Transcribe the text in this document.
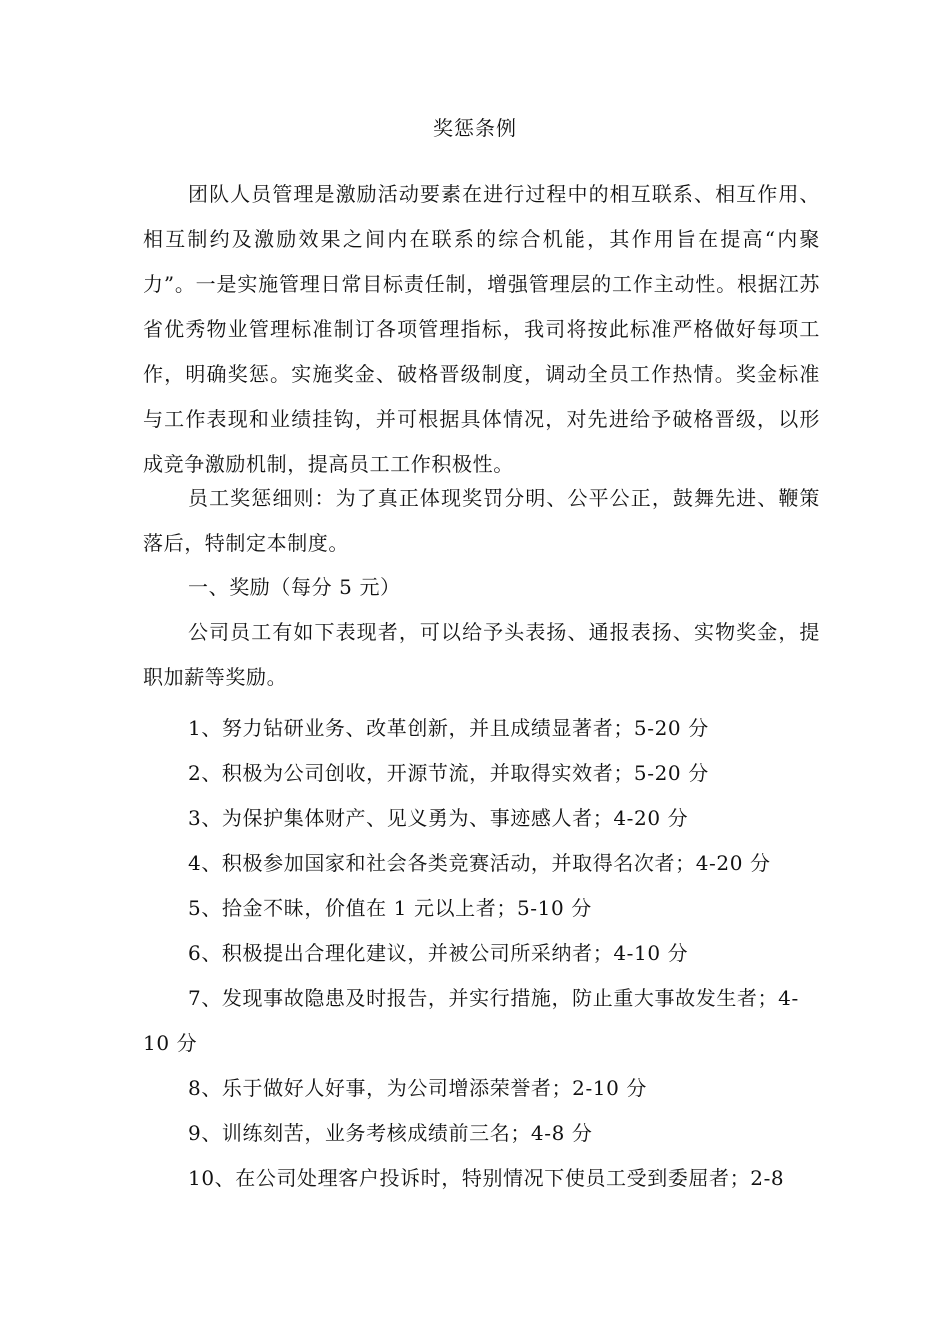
奖惩条例
团队人员管理是激励活动要素在进行过程中的相互联系、相互作用、相互制约及激励效果之间内在联系的综合机能，其作用旨在提高“内聚力”。一是实施管理日常目标责任制，增强管理层的工作主动性。根据江苏省优秀物业管理标准制订各项管理指标，我司将按此标准严格做好每项工作，明确奖惩。实施奖金、破格晋级制度，调动全员工作热情。奖金标准与工作表现和业绩挂钩，并可根据具体情况，对先进给予破格晋级，以形成竞争激励机制，提高员工工作积极性。
员工奖惩细则：为了真正体现奖罚分明、公平公正，鼓舞先进、鞭策落后，特制定本制度。
一、奖励（每分 5 元）
公司员工有如下表现者，可以给予头表扬、通报表扬、实物奖金，提职加薪等奖励。
1、努力钻研业务、改革创新，并且成绩显著者；5-20 分
2、积极为公司创收，开源节流，并取得实效者；5-20 分
3、为保护集体财产、见义勇为、事迹感人者；4-20 分
4、积极参加国家和社会各类竞赛活动，并取得名次者；4-20 分
5、拾金不昧，价值在 1 元以上者；5-10 分
6、积极提出合理化建议，并被公司所采纳者；4-10 分
7、发现事故隐患及时报告，并实行措施，防止重大事故发生者；4-10 分
8、乐于做好人好事，为公司增添荣誉者；2-10 分
9、训练刻苦，业务考核成绩前三名；4-8 分
10、在公司处理客户投诉时，特别情况下使员工受到委屈者；2-8
